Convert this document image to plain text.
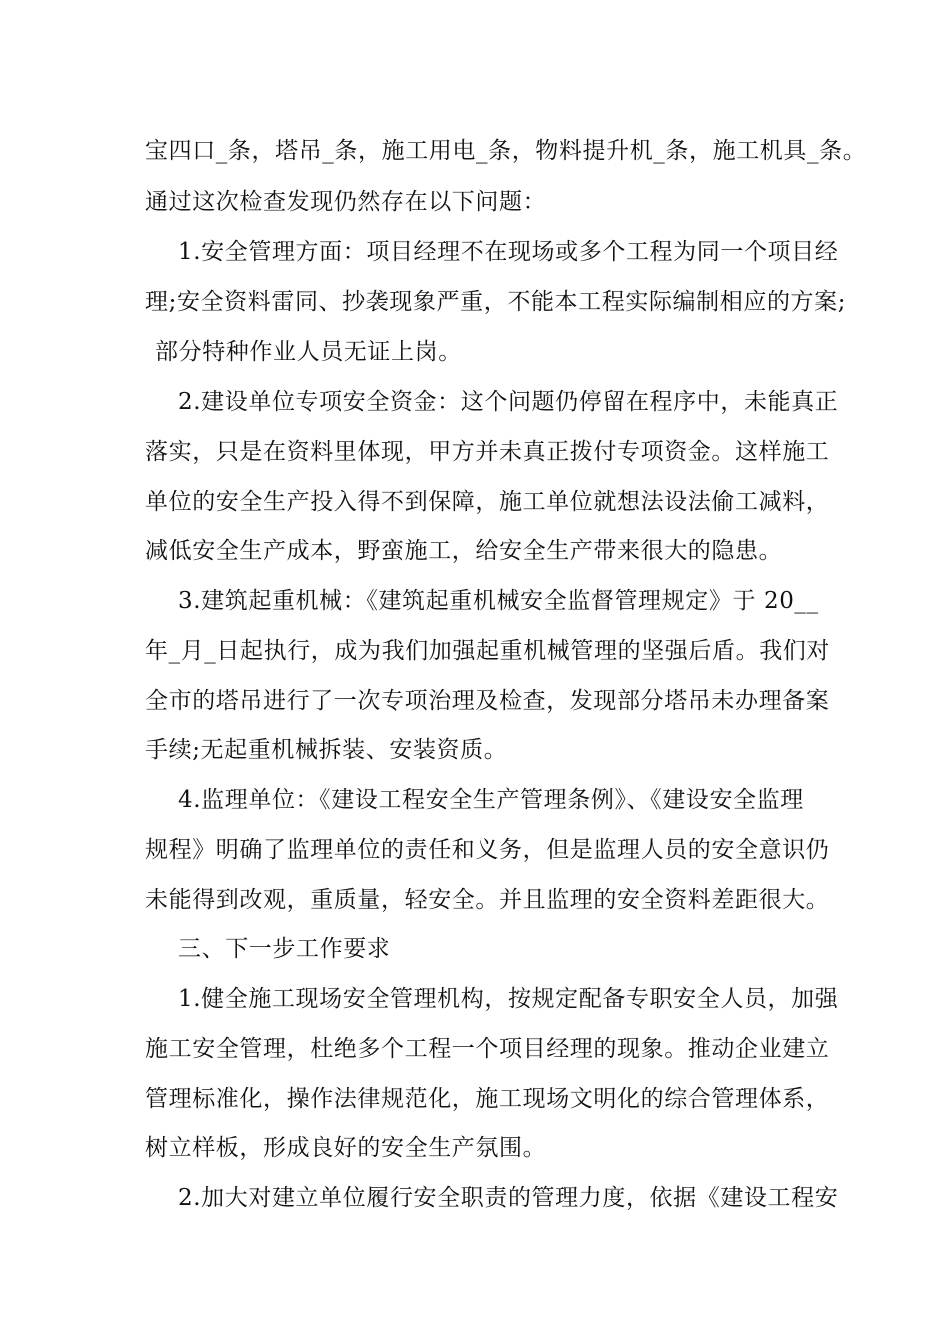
宝四口_条，塔吊_条，施工用电_条，物料提升机_条，施工机具_条。
通过这次检查发现仍然存在以下问题：
1.安全管理方面：项目经理不在现场或多个工程为同一个项目经
理;安全资料雷同、抄袭现象严重，不能本工程实际编制相应的方案;
部分特种作业人员无证上岗。
2.建设单位专项安全资金：这个问题仍停留在程序中，未能真正
落实，只是在资料里体现，甲方并未真正拨付专项资金。这样施工
单位的安全生产投入得不到保障，施工单位就想法设法偷工减料，
减低安全生产成本，野蛮施工，给安全生产带来很大的隐患。
3.建筑起重机械：《建筑起重机械安全监督管理规定》于 20__
年_月_日起执行，成为我们加强起重机械管理的坚强后盾。我们对
全市的塔吊进行了一次专项治理及检查，发现部分塔吊未办理备案
手续;无起重机械拆装、安装资质。
4.监理单位：《建设工程安全生产管理条例》、《建设安全监理
规程》明确了监理单位的责任和义务，但是监理人员的安全意识仍
未能得到改观，重质量，轻安全。并且监理的安全资料差距很大。
三、下一步工作要求
1.健全施工现场安全管理机构，按规定配备专职安全人员，加强
施工安全管理，杜绝多个工程一个项目经理的现象。推动企业建立
管理标准化，操作法律规范化，施工现场文明化的综合管理体系，
树立样板，形成良好的安全生产氛围。
2.加大对建立单位履行安全职责的管理力度，依据《建设工程安
